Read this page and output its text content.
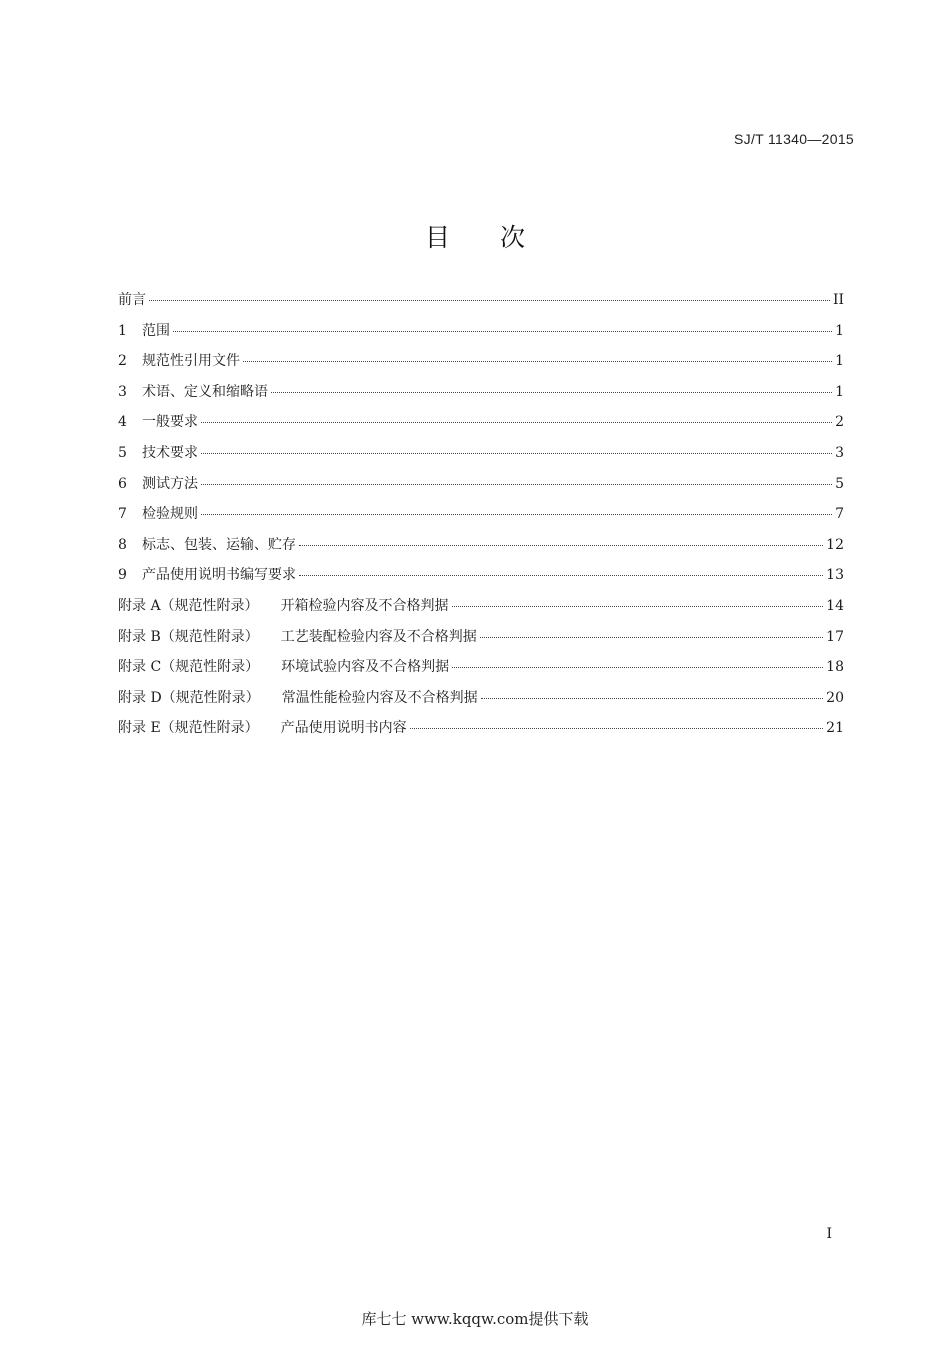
SJ/T 11340—2015
目次
前言	II
1	范围	1
2	规范性引用文件	1
3	术语、定义和缩略语	1
4	一般要求	2
5	技术要求	3
6	测试方法	5
7	检验规则	7
8	标志、包装、运输、贮存	12
9	产品使用说明书编写要求	13
附录 A（规范性附录） 开箱检验内容及不合格判据	14
附录 B（规范性附录） 工艺装配检验内容及不合格判据	17
附录 C（规范性附录） 环境试验内容及不合格判据	18
附录 D（规范性附录） 常温性能检验内容及不合格判据	20
附录 E（规范性附录） 产品使用说明书内容	21
I
库七七 www.kqqw.com提供下载
